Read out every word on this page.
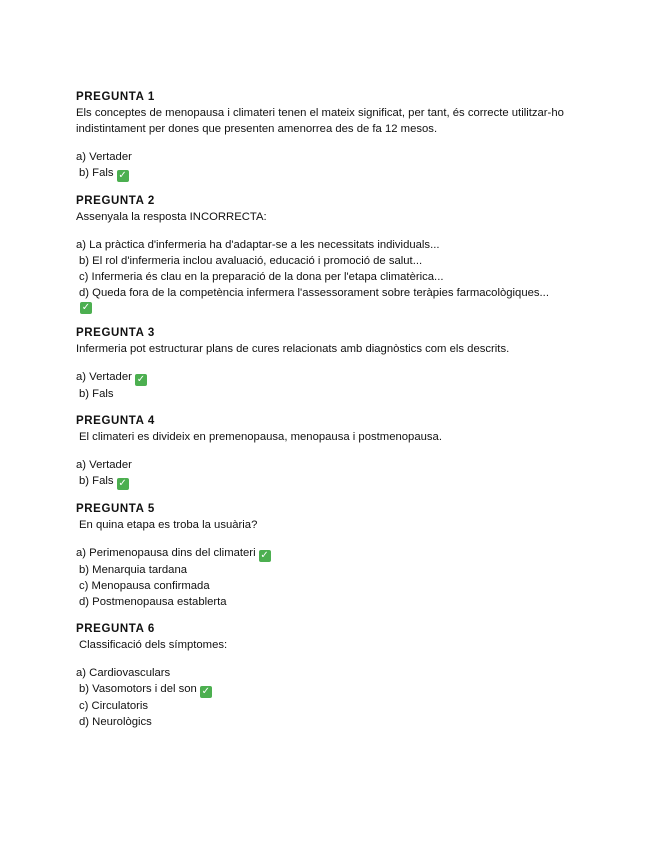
PREGUNTA 1
Els conceptes de menopausa i climateri tenen el mateix significat, per tant, és correcte utilitzar-ho indistintament per dones que presenten amenorrea des de fa 12 mesos.
a) Vertader
b) Fals ✓
PREGUNTA 2
Assenyala la resposta INCORRECTA:
a) La pràctica d'infermeria ha d'adaptar-se a les necessitats individuals...
b) El rol d'infermeria inclou avaluació, educació i promoció de salut...
c) Infermeria és clau en la preparació de la dona per l'etapa climatèrica...
d) Queda fora de la competència infermera l'assessorament sobre teràpies farmacològiques...
✓
PREGUNTA 3
Infermeria pot estructurar plans de cures relacionats amb diagnòstics com els descrits.
a) Vertader ✓
b) Fals
PREGUNTA 4
El climateri es divideix en premenopausa, menopausa i postmenopausa.
a) Vertader
b) Fals ✓
PREGUNTA 5
En quina etapa es troba la usuària?
a) Perimenopausa dins del climateri ✓
b) Menarquia tardana
c) Menopausa confirmada
d) Postmenopausa establerta
PREGUNTA 6
Classificació dels símptomes:
a) Cardiovasculars
b) Vasomotors i del son ✓
c) Circulatoris
d) Neurològics
